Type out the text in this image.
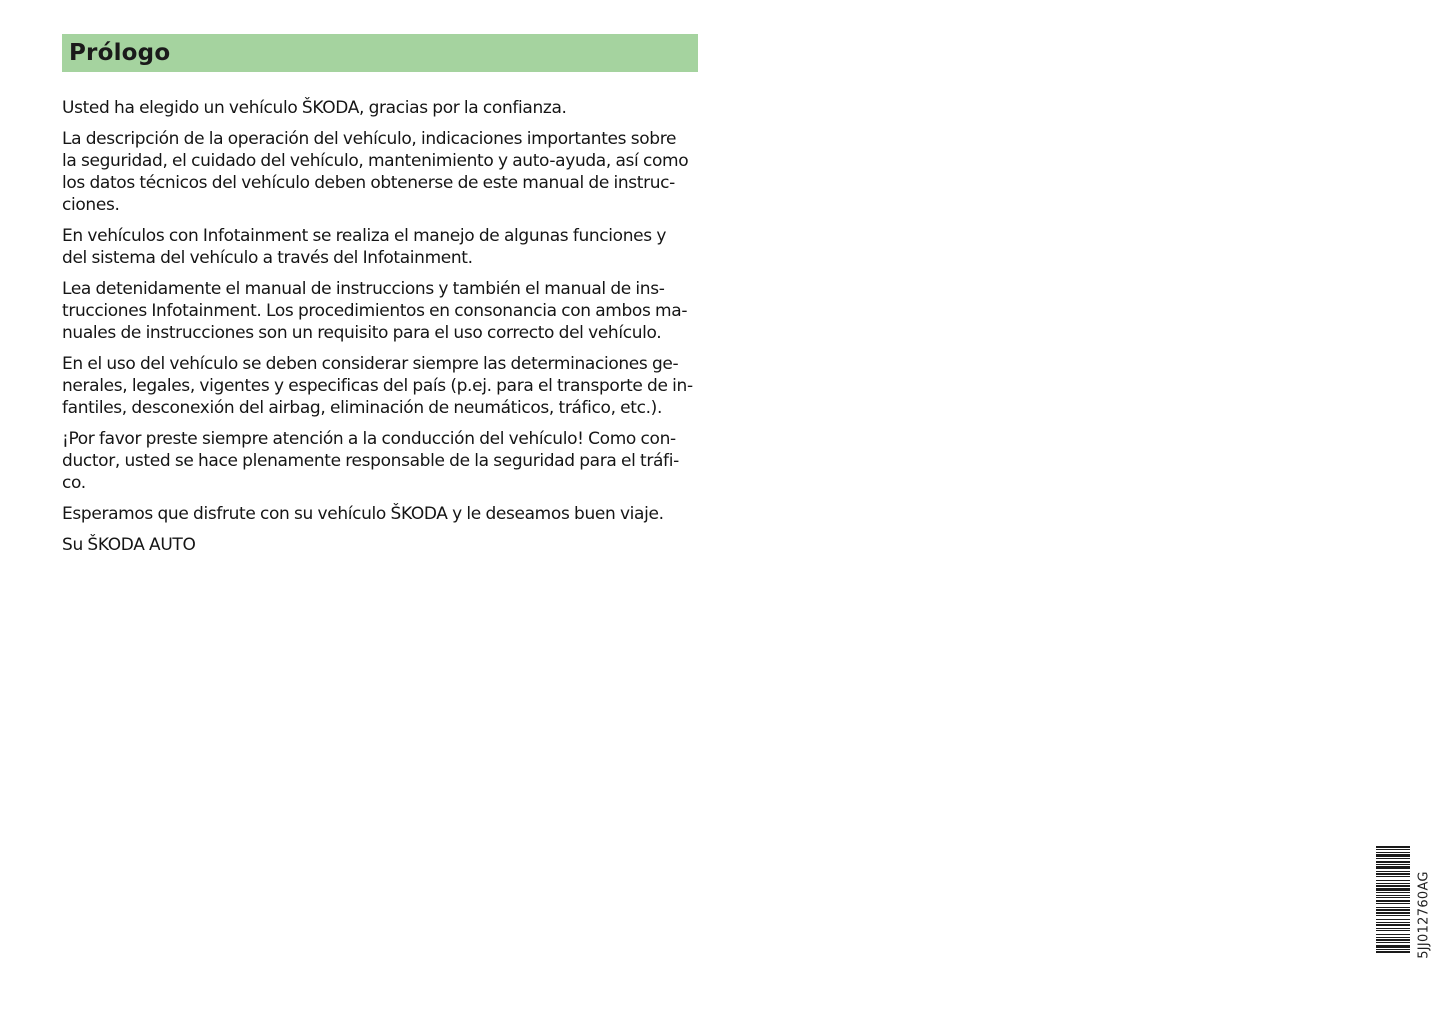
Prólogo

Usted ha elegido un vehículo ŠKODA, gracias por la confianza.

La descripción de la operación del vehículo, indicaciones importantes sobre
la seguridad, el cuidado del vehículo, mantenimiento y auto-ayuda, así como
los datos técnicos del vehículo deben obtenerse de este manual de instruc-
ciones.

En vehículos con Infotainment se realiza el manejo de algunas funciones y
del sistema del vehículo a través del Infotainment.

Lea detenidamente el manual de instruccions y también el manual de ins-
trucciones Infotainment. Los procedimientos en consonancia con ambos ma-
nuales de instrucciones son un requisito para el uso correcto del vehículo.

En el uso del vehículo se deben considerar siempre las determinaciones ge-
nerales, legales, vigentes y especificas del país (p.ej. para el transporte de in-
fantiles, desconexión del airbag, eliminación de neumáticos, tráfico, etc.).

¡Por favor preste siempre atención a la conducción del vehículo! Como con-
ductor, usted se hace plenamente responsable de la seguridad para el tráfi-
co.

Esperamos que disfrute con su vehículo ŠKODA y le deseamos buen viaje.

Su ŠKODA AUTO

5JJ012760AG
